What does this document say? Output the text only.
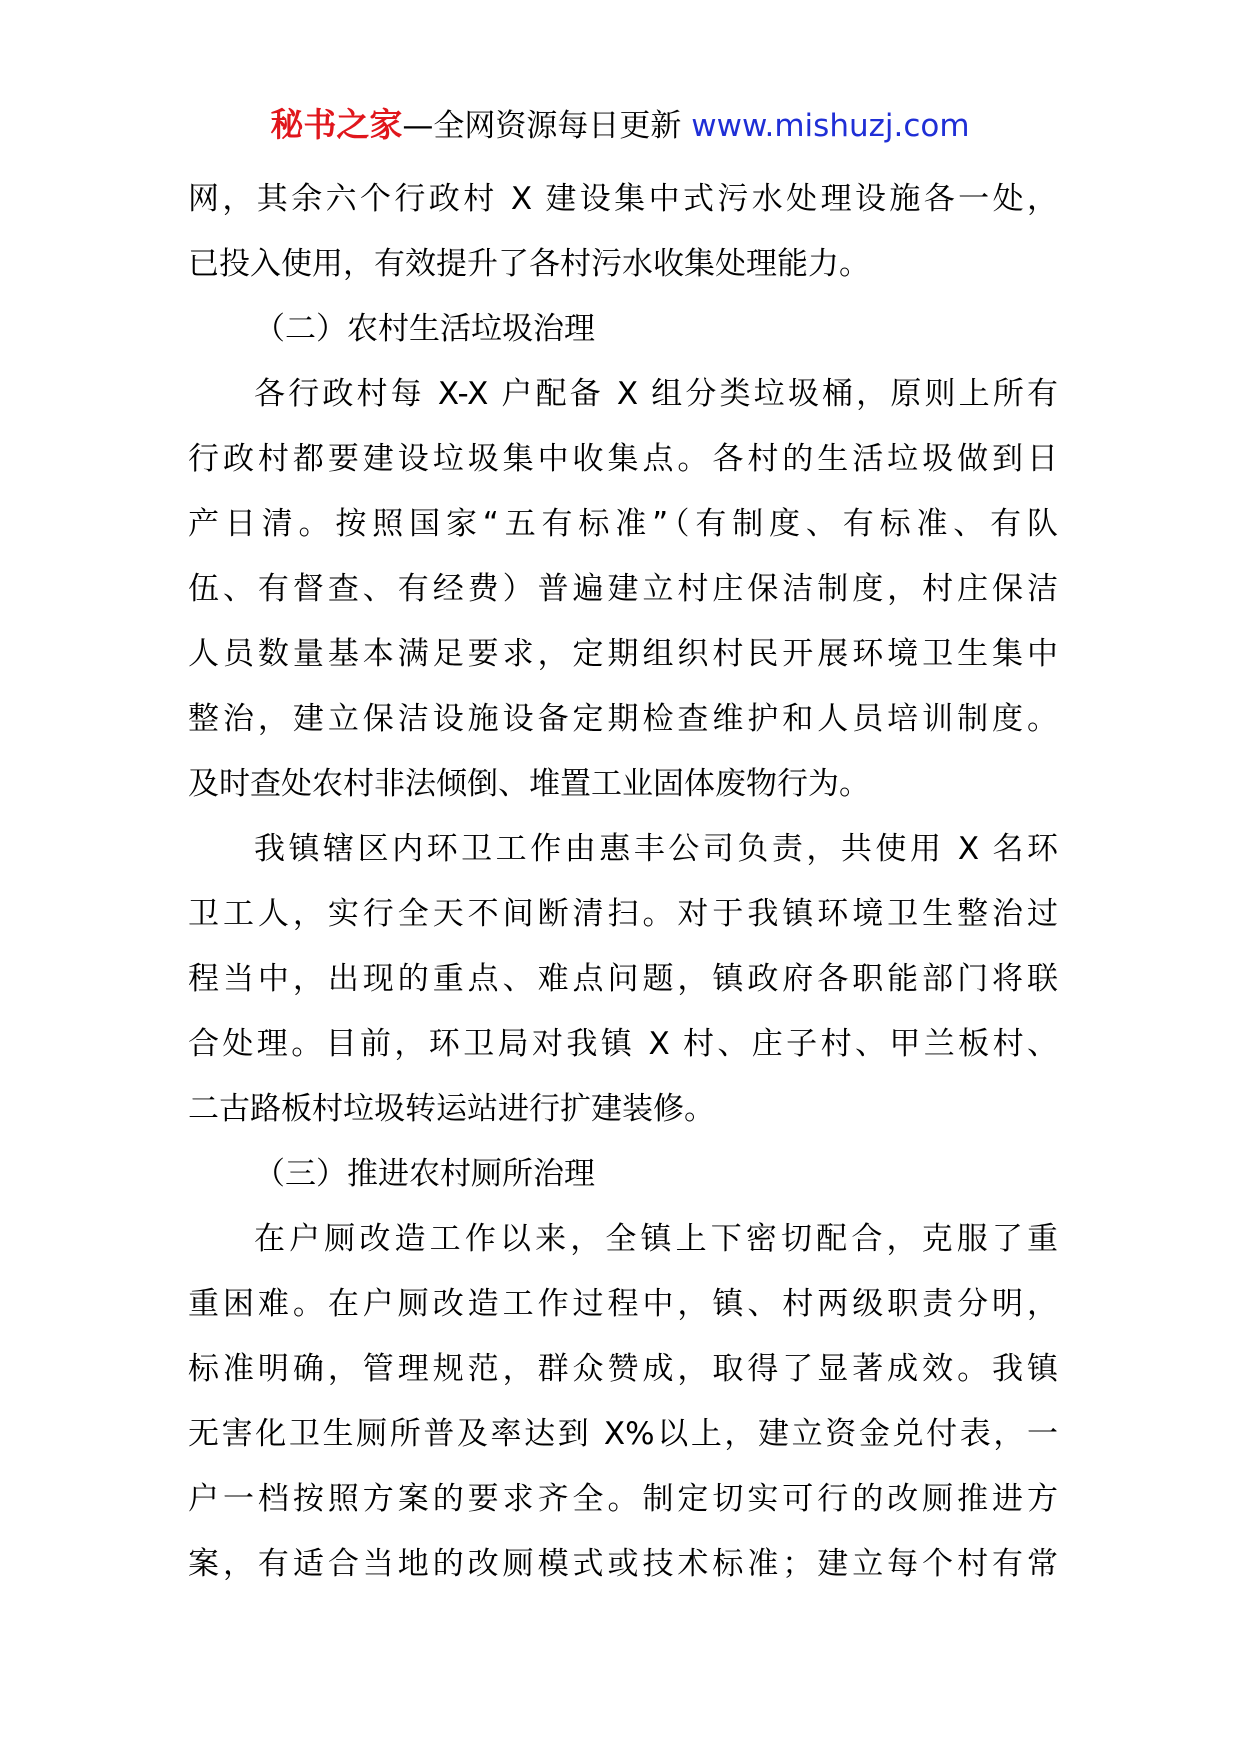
秘书之家—全网资源每日更新 www.mishuzj.com
网，其余六个行政村 X 建设集中式污水处理设施各一处，
已投入使用，有效提升了各村污水收集处理能力。
（二）农村生活垃圾治理
各行政村每 X-X 户配备 X 组分类垃圾桶，原则上所有
行政村都要建设垃圾集中收集点。各村的生活垃圾做到日
产日清。按照国家“五有标准”（有制度、有标准、有队
伍、有督查、有经费）普遍建立村庄保洁制度，村庄保洁
人员数量基本满足要求，定期组织村民开展环境卫生集中
整治，建立保洁设施设备定期检查维护和人员培训制度。
及时查处农村非法倾倒、堆置工业固体废物行为。
我镇辖区内环卫工作由惠丰公司负责，共使用 X 名环
卫工人，实行全天不间断清扫。对于我镇环境卫生整治过
程当中，出现的重点、难点问题，镇政府各职能部门将联
合处理。目前，环卫局对我镇 X 村、庄子村、甲兰板村、
二古路板村垃圾转运站进行扩建装修。
（三）推进农村厕所治理
在户厕改造工作以来，全镇上下密切配合，克服了重
重困难。在户厕改造工作过程中，镇、村两级职责分明，
标准明确，管理规范，群众赞成，取得了显著成效。我镇
无害化卫生厕所普及率达到 X%以上，建立资金兑付表，一
户一档按照方案的要求齐全。制定切实可行的改厕推进方
案，有适合当地的改厕模式或技术标准；建立每个村有常
